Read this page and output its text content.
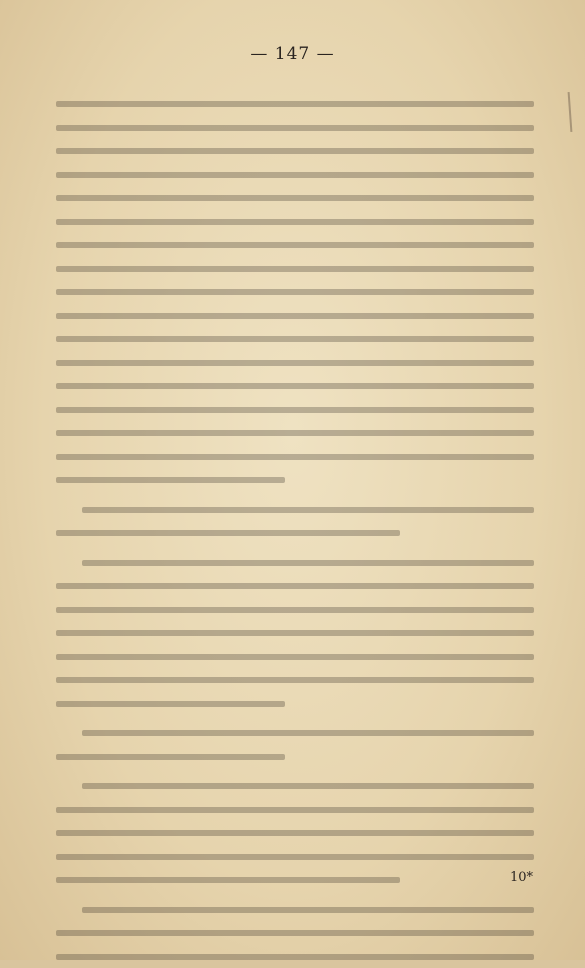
— 147 —
10*
